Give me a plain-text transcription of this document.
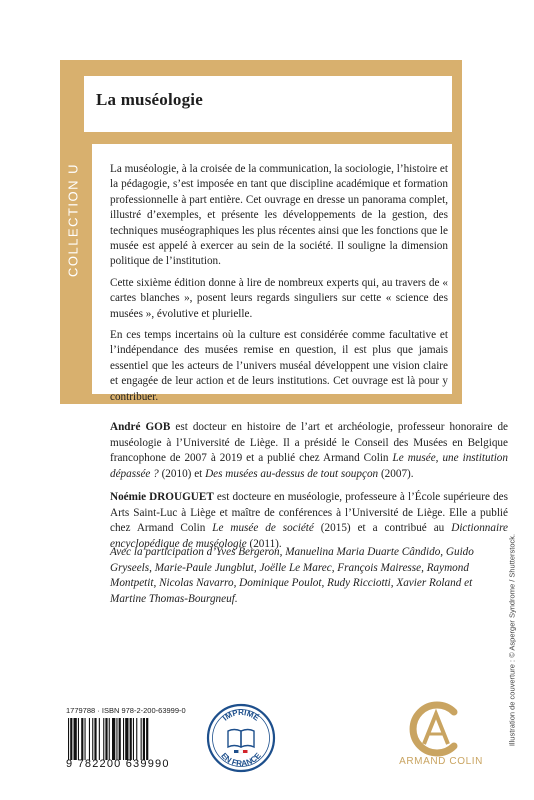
La muséologie
COLLECTION U	La muséologie, à la croisée de la communication, la sociologie, l’histoire et la pédagogie, s’est imposée en tant que discipline académique et formation professionnelle à part entière. Cet ouvrage en dresse un panorama complet, illustré d’exemples, et présente les développements de la gestion, des techniques muséographiques les plus récentes ainsi que les fonctions que le musée est appelé à exercer au sein de la société. Il souligne la dimension politique de l’institution.

Cette sixième édition donne à lire de nombreux experts qui, au travers de « cartes blanches », posent leurs regards singuliers sur cette « science des musées », évolutive et plurielle.

En ces temps incertains où la culture est considérée comme facultative et l’indépendance des musées remise en question, il est plus que jamais essentiel que les acteurs de l’univers muséal développent une vision claire et engagée de leur action et de leurs institutions. Cet ouvrage est là pour y contribuer.

André GOB est docteur en histoire de l’art et archéologie, professeur honoraire de muséologie à l’Université de Liège. Il a présidé le Conseil des Musées en Belgique francophone de 2007 à 2019 et a publié chez Armand Colin Le musée, une institution dépassée ? (2010) et Des musées au-dessus de tout soupçon (2007).

Noémie DROUGUET est docteure en muséologie, professeure à l’École supérieure des Arts Saint-Luc à Liège et maître de conférences à l’Université de Liège. Elle a publié chez Armand Colin Le musée de société (2015) et a contribué au Dictionnaire encyclopédique de muséologie (2011).

Avec la participation d’Yves Bergeron, Manuelina Maria Duarte Cândido, Guido Gryseels, Marie-Paule Jungblut, Joëlle Le Marec, François Mairesse, Raymond Montpetit, Nicolas Navarro, Dominique Poulot, Rudy Ricciotti, Xavier Roland et Martine Thomas-Bourgneuf.	Illustration de couverture : © Asperger Syndrome / Shutterstock.
1779788 · ISBN 978-2-200-63999-0
9 782200 639990
IMPRIMÉ
EN FRANCE	ARMAND COLIN
